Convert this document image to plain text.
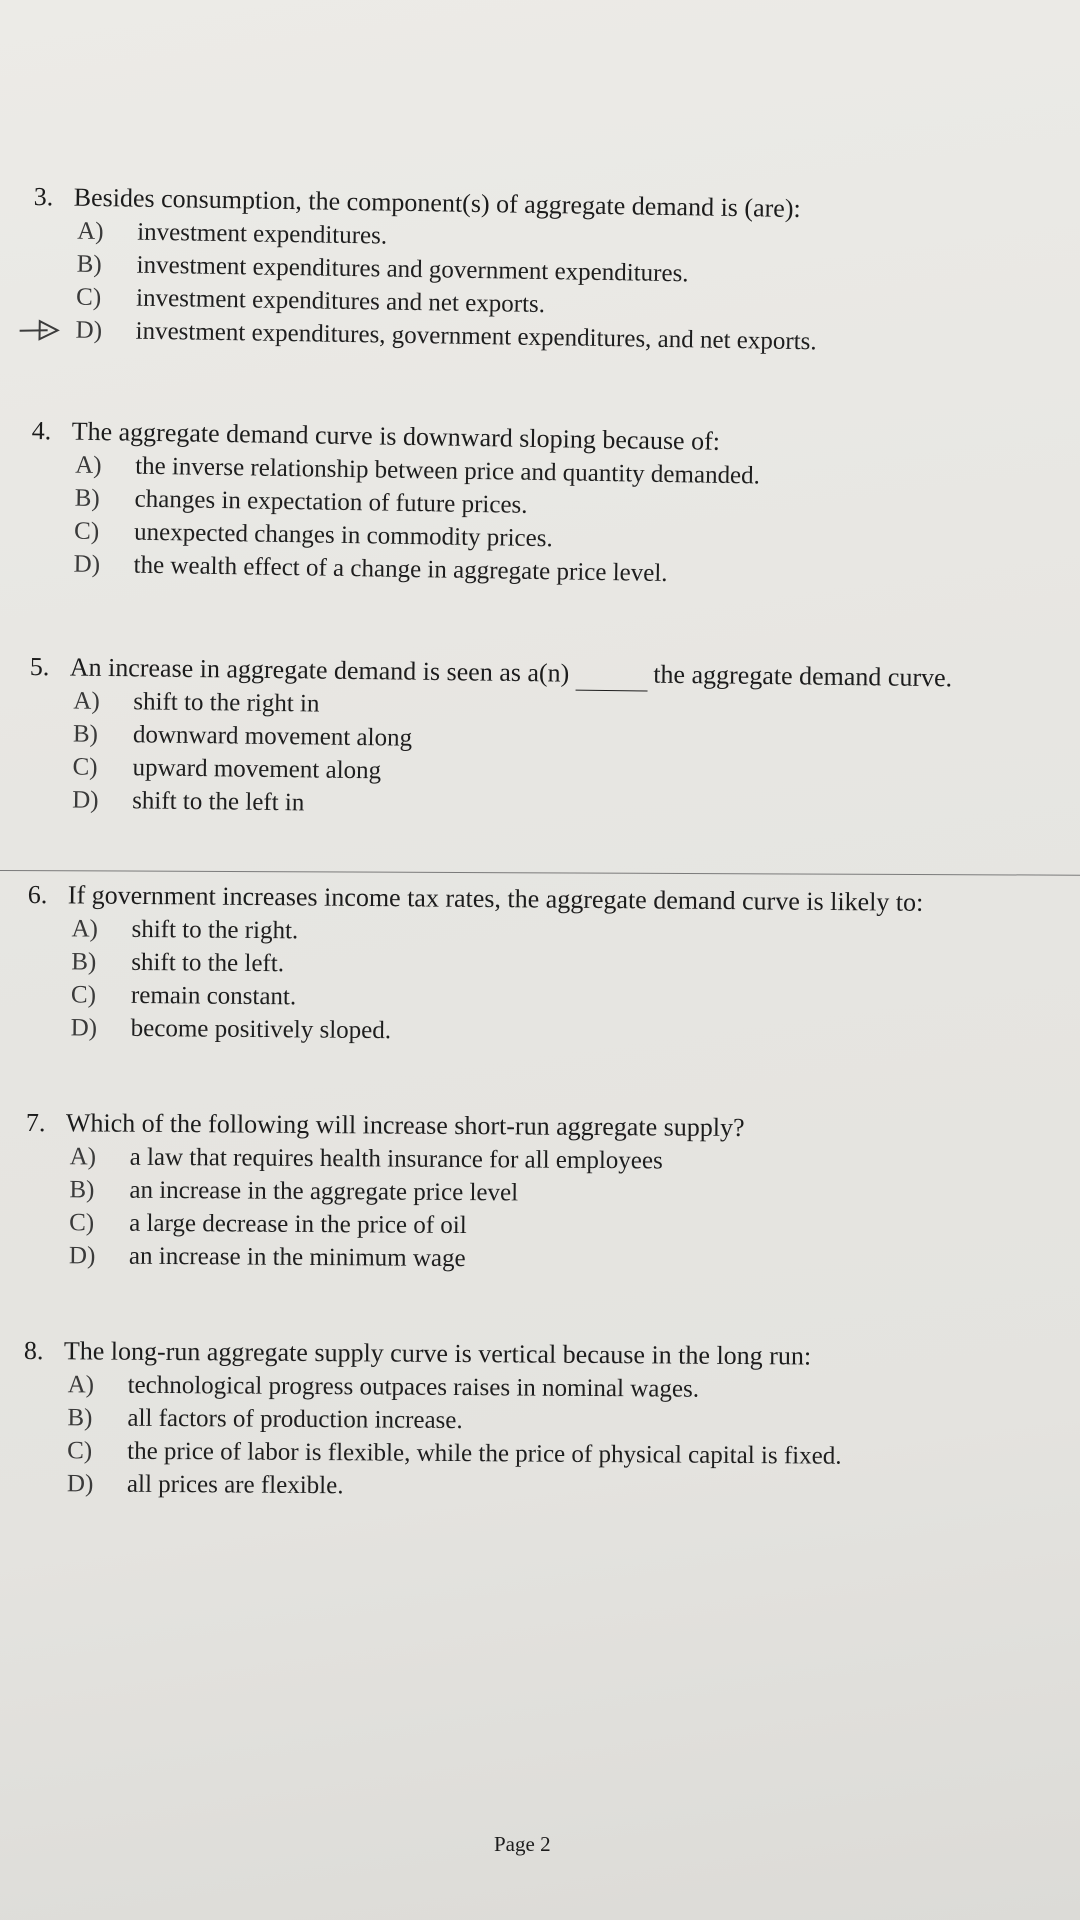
3. Besides consumption, the component(s) of aggregate demand is (are):
A)	investment expenditures.
B)	investment expenditures and government expenditures.
C)	investment expenditures and net exports.
D)	investment expenditures, government expenditures, and net exports.
4. The aggregate demand curve is downward sloping because of:
A)	the inverse relationship between price and quantity demanded.
B)	changes in expectation of future prices.
C)	unexpected changes in commodity prices.
D)	the wealth effect of a change in aggregate price level.
5. An increase in aggregate demand is seen as a(n)	the aggregate demand curve.
A)	shift to the right in
B)	downward movement along
C)	upward movement along
D)	shift to the left in
6. If government increases income tax rates, the aggregate demand curve is likely to:
A)	shift to the right.
B)	shift to the left.
C)	remain constant.
D)	become positively sloped.
7. Which of the following will increase short-run aggregate supply?
A)	a law that requires health insurance for all employees
B)	an increase in the aggregate price level
C)	a large decrease in the price of oil
D)	an increase in the minimum wage
8. The long-run aggregate supply curve is vertical because in the long run:
A)	technological progress outpaces raises in nominal wages.
B)	all factors of production increase.
C)	the price of labor is flexible, while the price of physical capital is fixed.
D)	all prices are flexible.
Page 2
